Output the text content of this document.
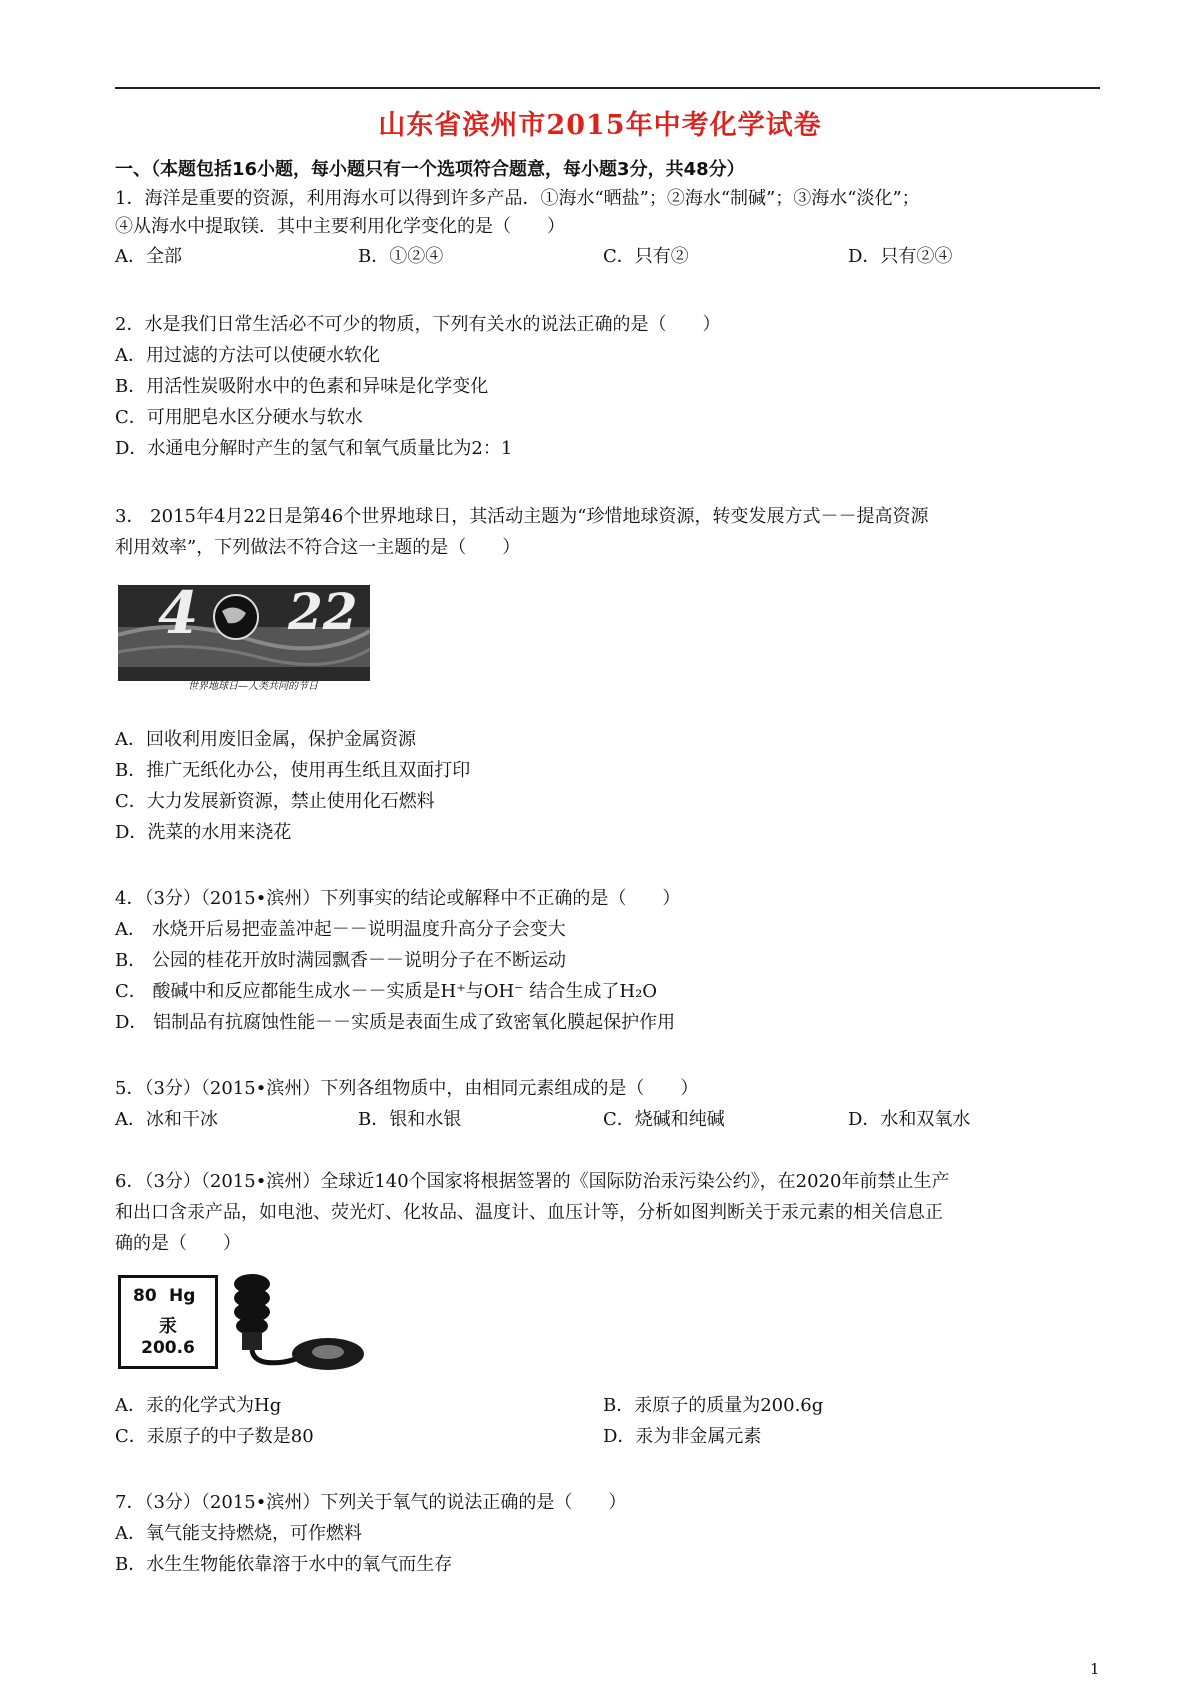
山东省滨州市2015年中考化学试卷
一、（本题包括16小题，每小题只有一个选项符合题意，每小题3分，共48分）
1．海洋是重要的资源，利用海水可以得到许多产品．①海水“晒盐”；②海水“制碱”；③海水“淡化”；
④从海水中提取镁．其中主要利用化学变化的是（　　）
A．全部	B．①②④	C．只有②	D．只有②④
2．水是我们日常生活必不可少的物质，下列有关水的说法正确的是（　　）
A．用过滤的方法可以使硬水软化
B．用活性炭吸附水中的色素和异味是化学变化
C．可用肥皂水区分硬水与软水
D．水通电分解时产生的氢气和氧气质量比为2：1
3． 2015年4月22日是第46个世界地球日，其活动主题为“珍惜地球资源，转变发展方式－－提高资源
利用效率”，下列做法不符合这一主题的是（　　）
4 22
世界地球日—人类共同的节日
A．回收利用废旧金属，保护金属资源
B．推广无纸化办公，使用再生纸且双面打印
C．大力发展新资源，禁止使用化石燃料
D．洗菜的水用来浇花
4．（3分）（2015•滨州）下列事实的结论或解释中不正确的是（　　）
A． 水烧开后易把壶盖冲起－－说明温度升高分子会变大
B． 公园的桂花开放时满园飘香－－说明分子在不断运动
C． 酸碱中和反应都能生成水－－实质是H⁺与OH⁻ 结合生成了H₂O
D． 铝制品有抗腐蚀性能－－实质是表面生成了致密氧化膜起保护作用
5．（3分）（2015•滨州）下列各组物质中，由相同元素组成的是（　　）
A．冰和干冰	B．银和水银	C．烧碱和纯碱	D．水和双氧水
6．（3分）（2015•滨州）全球近140个国家将根据签署的《国际防治汞污染公约》，在2020年前禁止生产
和出口含汞产品，如电池、荧光灯、化妆品、温度计、血压计等，分析如图判断关于汞元素的相关信息正
确的是（　　）
80 Hg
汞
200.6
A．汞的化学式为Hg	B．汞原子的质量为200.6g
C．汞原子的中子数是80	D．汞为非金属元素
7．（3分）（2015•滨州）下列关于氧气的说法正确的是（　　）
A．氧气能支持燃烧，可作燃料
B．水生生物能依靠溶于水中的氧气而生存
1
